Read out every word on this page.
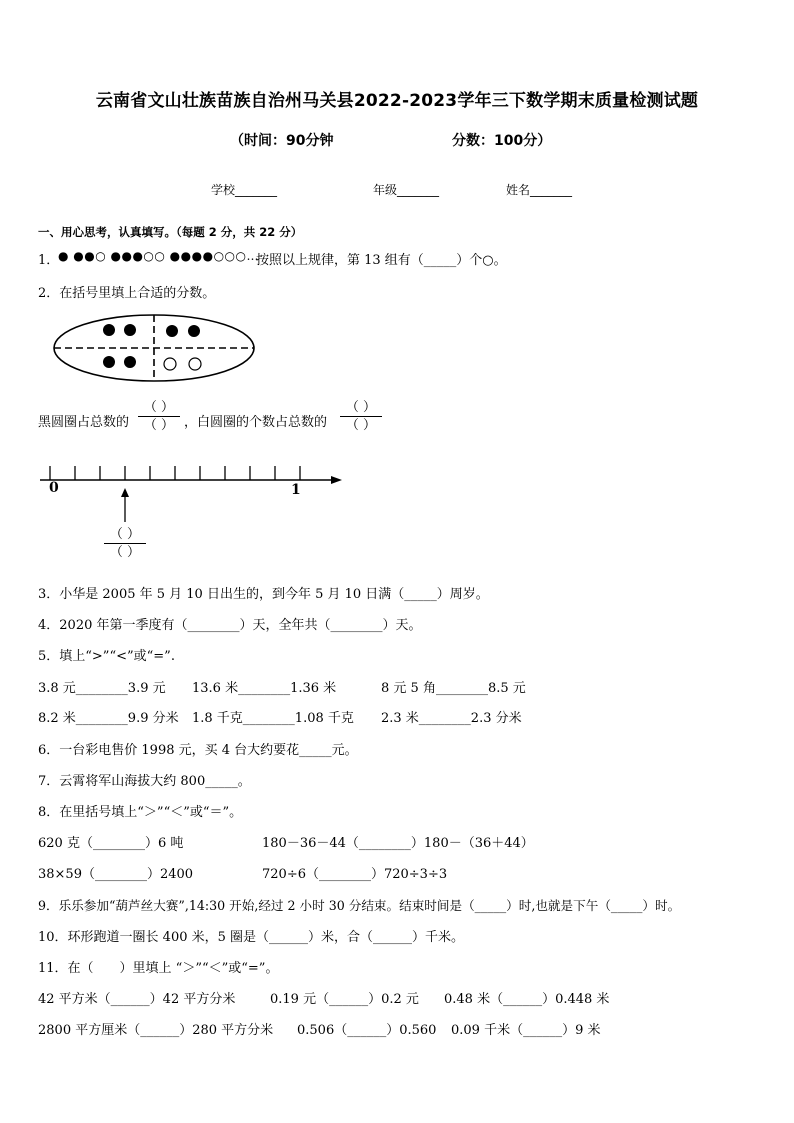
云南省文山壮族苗族自治州马关县2022-2023学年三下数学期末质量检测试题
（时间：90分钟	分数：100分）
学校_______	年级_______	姓名_______
一、用心思考，认真填写。（每题 2 分，共 22 分）
1．
● ●●○ ●●●○○ ●●●●○○○…
按照以上规律，第 13 组有（_____）个○。
2．在括号里填上合适的分数。
黑圆圈占总数的
（ ）
（ ） ，白圆圈的个数占总数的
（ ）
（ ）
0	1
（ ）
（ ）
3．小华是 2005 年 5 月 10 日出生的，到今年 5 月 10 日满（_____）周岁。
4．2020 年第一季度有（________）天，全年共（________）天。
5．填上“>”“<”或“=”.
3.8 元________3.9 元 13.6 米________1.36 米	8 元 5 角________8.5 元
8.2 米________9.9 分米 1.8 千克________1.08 千克 2.3 米________2.3 分米
6．一台彩电售价 1998 元，买 4 台大约要花_____元。
7．云霄将军山海拔大约 800_____。
8．在里括号填上“＞”“＜”或“＝”。
620 克（________）6 吨	180－36－44（________）180－（36＋44）
38×59（________）2400	720÷6（________）720÷3÷3
9．乐乐参加“葫芦丝大赛”,14:30 开始,经过 2 小时 30 分结束。结束时间是（_____）时,也就是下午（_____）时。
10．环形跑道一圈长 400 米，5 圈是（______）米，合（______）千米。
11．在（　　）里填上 “＞”“＜”或“=”。
42 平方米（______）42 平方分米	0.19 元（______）0.2 元 0.48 米（______）0.448 米
2800 平方厘米（______）280 平方分米 0.506（______）0.560 0.09 千米（______）9 米
